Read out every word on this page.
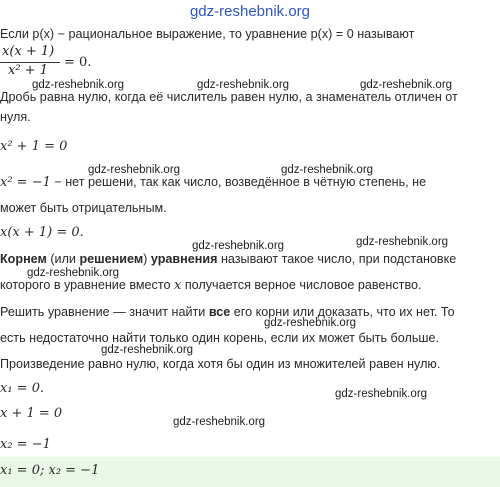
gdz-reshebnik.org
Если p(x) − рациональное выражение, то уравнение p(x) = 0 называют
x(x + 1)
x² + 1
= 0.
Дробь равна нулю, когда её числитель равен нулю, а знаменатель отличен от
нуля.
x² + 1 = 0
x² = −1 − нет решени, так как число, возведённое в чётную степень, не
может быть отрицательным.
x(x + 1) = 0.
Корнем (или решением) уравнения называют такое число, при подстановке
которого в уравнение вместо x получается верное числовое равенство.
Решить уравнение — значит найти все его корни или доказать, что их нет. То
есть недостаточно найти только один корень, если их может быть больше.
Произведение равно нулю, когда хотя бы один из множителей равен нулю.
x₁ = 0.
x + 1 = 0
x₂ = −1
x₁ = 0; x₂ = −1
gdz-reshebnik.org	gdz-reshebnik.org	gdz-reshebnik.org
gdz-reshebnik.org	gdz-reshebnik.org
gdz-reshebnik.org	gdz-reshebnik.org
gdz-reshebnik.org
gdz-reshebnik.org
gdz-reshebnik.org
gdz-reshebnik.org
gdz-reshebnik.org
